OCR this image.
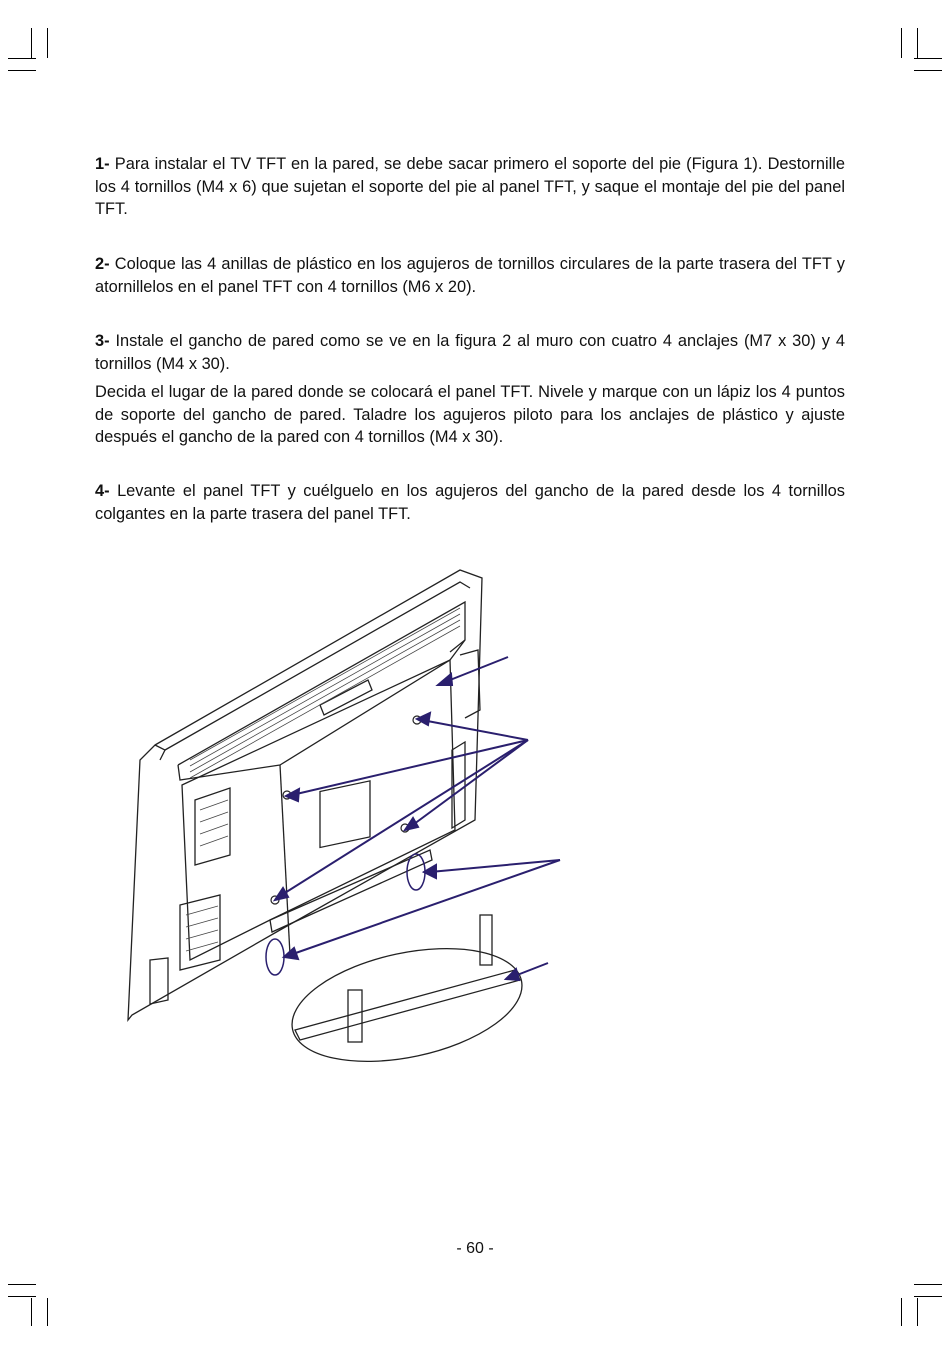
1- Para instalar el TV TFT en la pared, se debe sacar primero el soporte del pie (Figura 1). Destornille los 4 tornillos (M4 x 6) que sujetan el soporte del pie al panel TFT, y saque el montaje del pie del panel TFT.
2- Coloque las 4 anillas de plástico en los agujeros de tornillos circulares de la parte trasera del TFT y atornillelos en el panel TFT con 4 tornillos (M6 x 20).
3- Instale el gancho de pared como se ve en la figura 2 al muro con cuatro 4 anclajes (M7 x 30) y 4 tornillos (M4 x 30).
Decida el lugar de la pared donde se colocará el panel TFT. Nivele y marque con un lápiz los 4 puntos de soporte del gancho de pared. Taladre los agujeros piloto para los anclajes de plástico y ajuste después el gancho de la pared con 4 tornillos (M4 x 30).
4- Levante el panel TFT y cuélguelo en los agujeros del gancho de la pared desde los 4 tornillos colgantes en la parte trasera del panel TFT.
- 60 -
